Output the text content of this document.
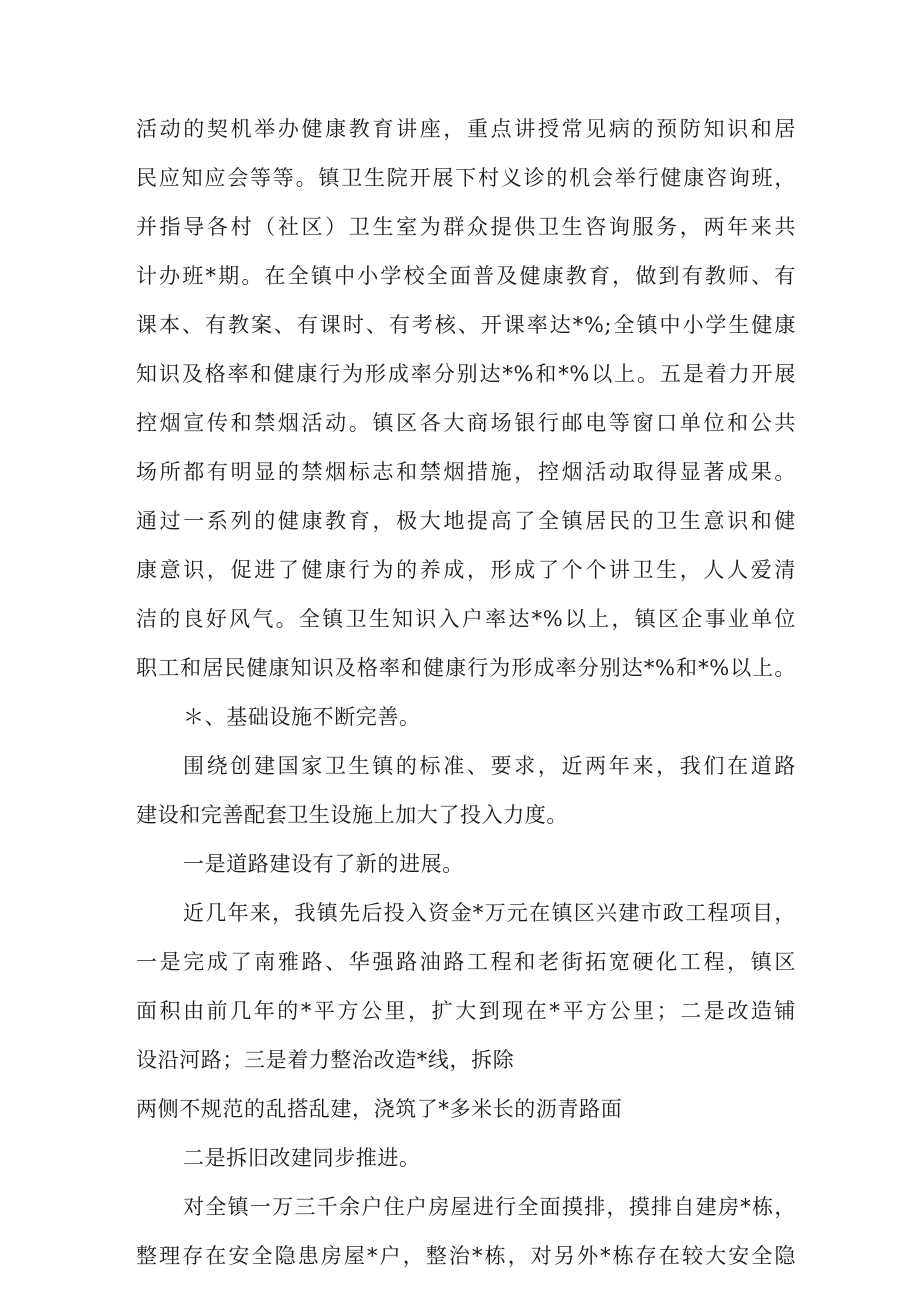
活动的契机举办健康教育讲座，重点讲授常见病的预防知识和居
民应知应会等等。镇卫生院开展下村义诊的机会举行健康咨询班，
并指导各村（社区）卫生室为群众提供卫生咨询服务，两年来共
计办班*期。在全镇中小学校全面普及健康教育，做到有教师、有
课本、有教案、有课时、有考核、开课率达*%;全镇中小学生健康
知识及格率和健康行为形成率分别达*%和*%以上。五是着力开展
控烟宣传和禁烟活动。镇区各大商场银行邮电等窗口单位和公共
场所都有明显的禁烟标志和禁烟措施，控烟活动取得显著成果。
通过一系列的健康教育，极大地提高了全镇居民的卫生意识和健
康意识，促进了健康行为的养成，形成了个个讲卫生，人人爱清
洁的良好风气。全镇卫生知识入户率达*%以上，镇区企事业单位
职工和居民健康知识及格率和健康行为形成率分别达*%和*%以上。
＊、基础设施不断完善。
围绕创建国家卫生镇的标准、要求，近两年来，我们在道路
建设和完善配套卫生设施上加大了投入力度。
一是道路建设有了新的进展。
近几年来，我镇先后投入资金*万元在镇区兴建市政工程项目，
一是完成了南雅路、华强路油路工程和老街拓宽硬化工程，镇区
面积由前几年的*平方公里，扩大到现在*平方公里；二是改造铺
设沿河路；三是着力整治改造*线，拆除
两侧不规范的乱搭乱建，浇筑了*多米长的沥青路面
二是拆旧改建同步推进。
对全镇一万三千余户住户房屋进行全面摸排，摸排自建房*栋，
整理存在安全隐患房屋*户，整治*栋，对另外*栋存在较大安全隐
